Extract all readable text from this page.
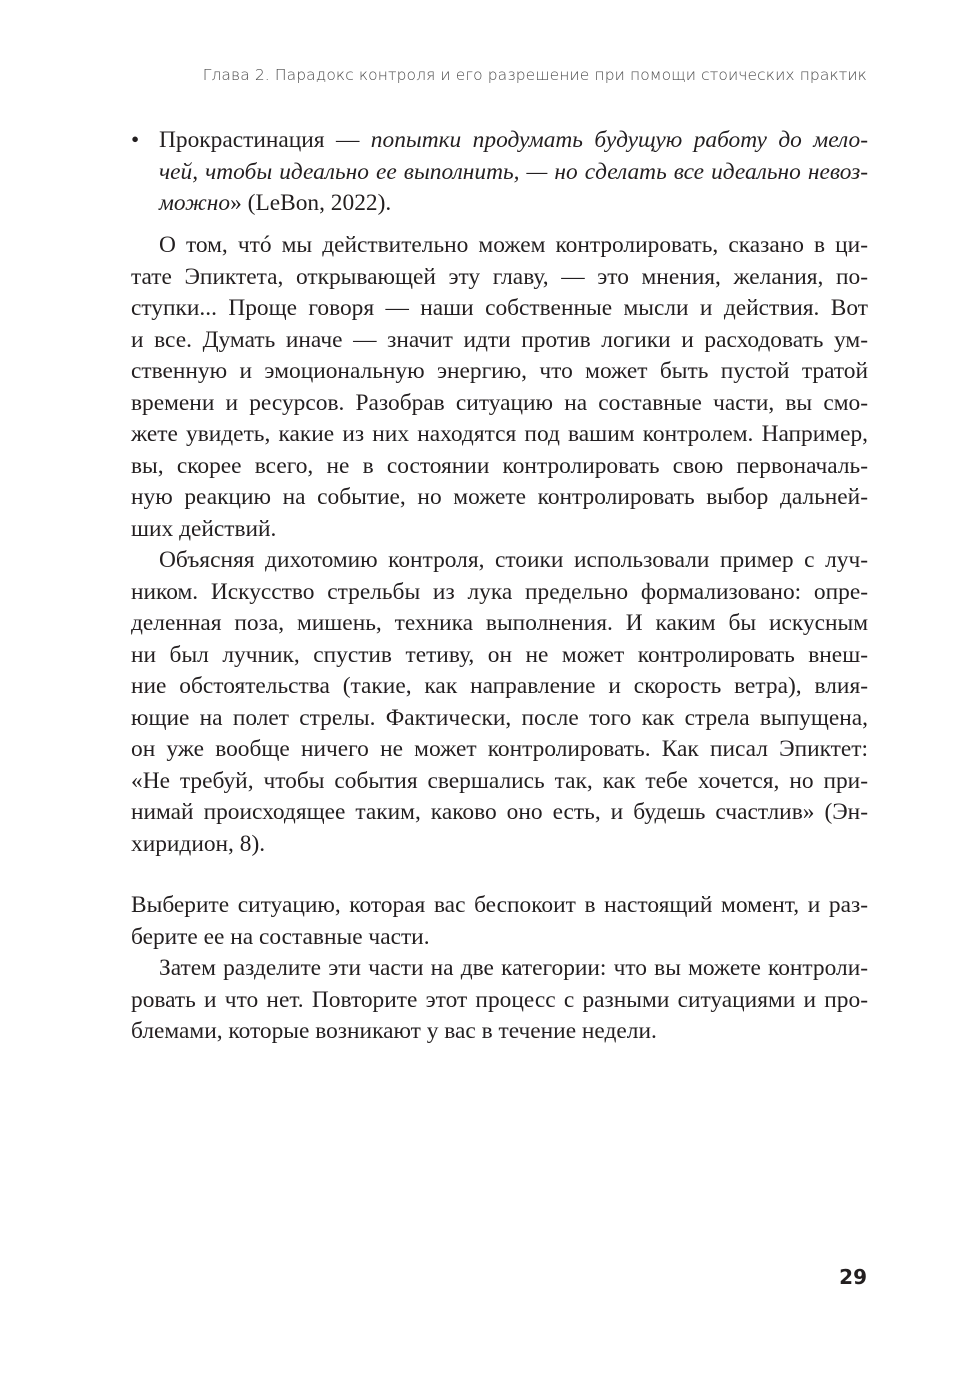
Глава 2. Парадокс контроля и его разрешение при помощи стоических практик
• Прокрастинация — попытки продумать будущую работу до мело-
чей, чтобы идеально ее выполнить, — но сделать все идеально невоз-
можно» (LeBon, 2022).
О том, чтó мы действительно можем контролировать, сказано в ци-
тате Эпиктета, открывающей эту главу, — это мнения, желания, по-
ступки... Проще говоря — наши собственные мысли и действия. Вот
и все. Думать иначе — значит идти против логики и расходовать ум-
ственную и эмоциональную энергию, что может быть пустой тратой
времени и ресурсов. Разобрав ситуацию на составные части, вы смо-
жете увидеть, какие из них находятся под вашим контролем. Например,
вы, скорее всего, не в состоянии контролировать свою первоначаль-
ную реакцию на событие, но можете контролировать выбор дальней-
ших действий.
Объясняя дихотомию контроля, стоики использовали пример с луч-
ником. Искусство стрельбы из лука предельно формализовано: опре-
деленная поза, мишень, техника выполнения. И каким бы искусным
ни был лучник, спустив тетиву, он не может контролировать внеш-
ние обстоятельства (такие, как направление и скорость ветра), влия-
ющие на полет стрелы. Фактически, после того как стрела выпущена,
он уже вообще ничего не может контролировать. Как писал Эпиктет:
«Не требуй, чтобы события свершались так, как тебе хочется, но при-
нимай происходящее таким, каково оно есть, и будешь счастлив» (Эн-
хиридион, 8).
Выберите ситуацию, которая вас беспокоит в настоящий момент, и раз-
берите ее на составные части.
Затем разделите эти части на две категории: что вы можете контроли-
ровать и что нет. Повторите этот процесс с разными ситуациями и про-
блемами, которые возникают у вас в течение недели.
29
